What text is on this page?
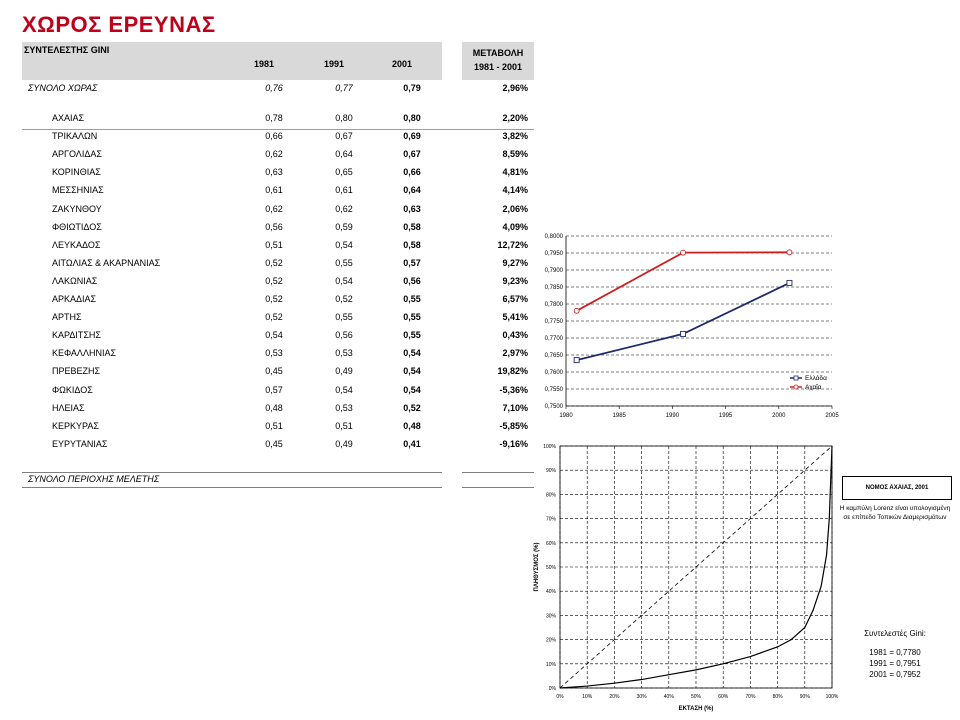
ΧΩΡΟΣ ΕΡΕΥΝΑΣ
ΣΥΝΤΕΛΕΣΤΗΣ GINI
1981	1991	2001
ΜΕΤΑΒΟΛΗ
1981 - 2001
ΣΥΝΟΛΟ ΧΩΡΑΣ	0,76	0,77	0,79	2,96%
ΑΧΑΙΑΣ	0,78	0,80	0,80	2,20%
ΤΡΙΚΑΛΩΝ	0,66	0,67	0,69	3,82%
ΑΡΓΟΛΙΔΑΣ	0,62	0,64	0,67	8,59%
ΚΟΡΙΝΘΙΑΣ	0,63	0,65	0,66	4,81%
ΜΕΣΣΗΝΙΑΣ	0,61	0,61	0,64	4,14%
ΖΑΚΥΝΘΟΥ	0,62	0,62	0,63	2,06%
ΦΘΙΩΤΙΔΟΣ	0,56	0,59	0,58	4,09%
ΛΕΥΚΑΔΟΣ	0,51	0,54	0,58	12,72%
ΑΙΤΩΛΙΑΣ & ΑΚΑΡΝΑΝΙΑΣ	0,52	0,55	0,57	9,27%
ΛΑΚΩΝΙΑΣ	0,52	0,54	0,56	9,23%
ΑΡΚΑΔΙΑΣ	0,52	0,52	0,55	6,57%
ΑΡΤΗΣ	0,52	0,55	0,55	5,41%
ΚΑΡΔΙΤΣΗΣ	0,54	0,56	0,55	0,43%
ΚΕΦΑΛΛΗΝΙΑΣ	0,53	0,53	0,54	2,97%
ΠΡΕΒΕΖΗΣ	0,45	0,49	0,54	19,82%
ΦΩΚΙΔΟΣ	0,57	0,54	0,54	-5,36%
ΗΛΕΙΑΣ	0,48	0,53	0,52	7,10%
ΚΕΡΚΥΡΑΣ	0,51	0,51	0,48	-5,85%
ΕΥΡΥΤΑΝΙΑΣ	0,45	0,49	0,41	-9,16%
ΣΥΝΟΛΟ ΠΕΡΙΟΧΗΣ ΜΕΛΕΤΗΣ
0,7500
0,7550
0,7600
0,7650
0,7700
0,7750
0,7800
0,7850
0,7900
0,7950
0,8000
1980	1985	1990	1995	2000	2005
Ελλάδα
Αχαΐα
0%
10%
20%
30%
40%
50%
60%
70%
80%
90%
100%
0%	10%	20%	30%	40%	50%	60%	70%	80%	90%	100%
ΕΚΤΑΣΗ (%)
ΠΛΗΘΥΣΜΟΣ (%)
ΝΟΜΟΣ ΑΧΑΙΑΣ, 2001
Η καμπύλη Lorenz είναι υπολογισμένη σε επίπεδο Τοπικών Διαμερισμάτων
Συντελεστές Gini:
1981 = 0,7780
1991 = 0,7951
2001 = 0,7952
